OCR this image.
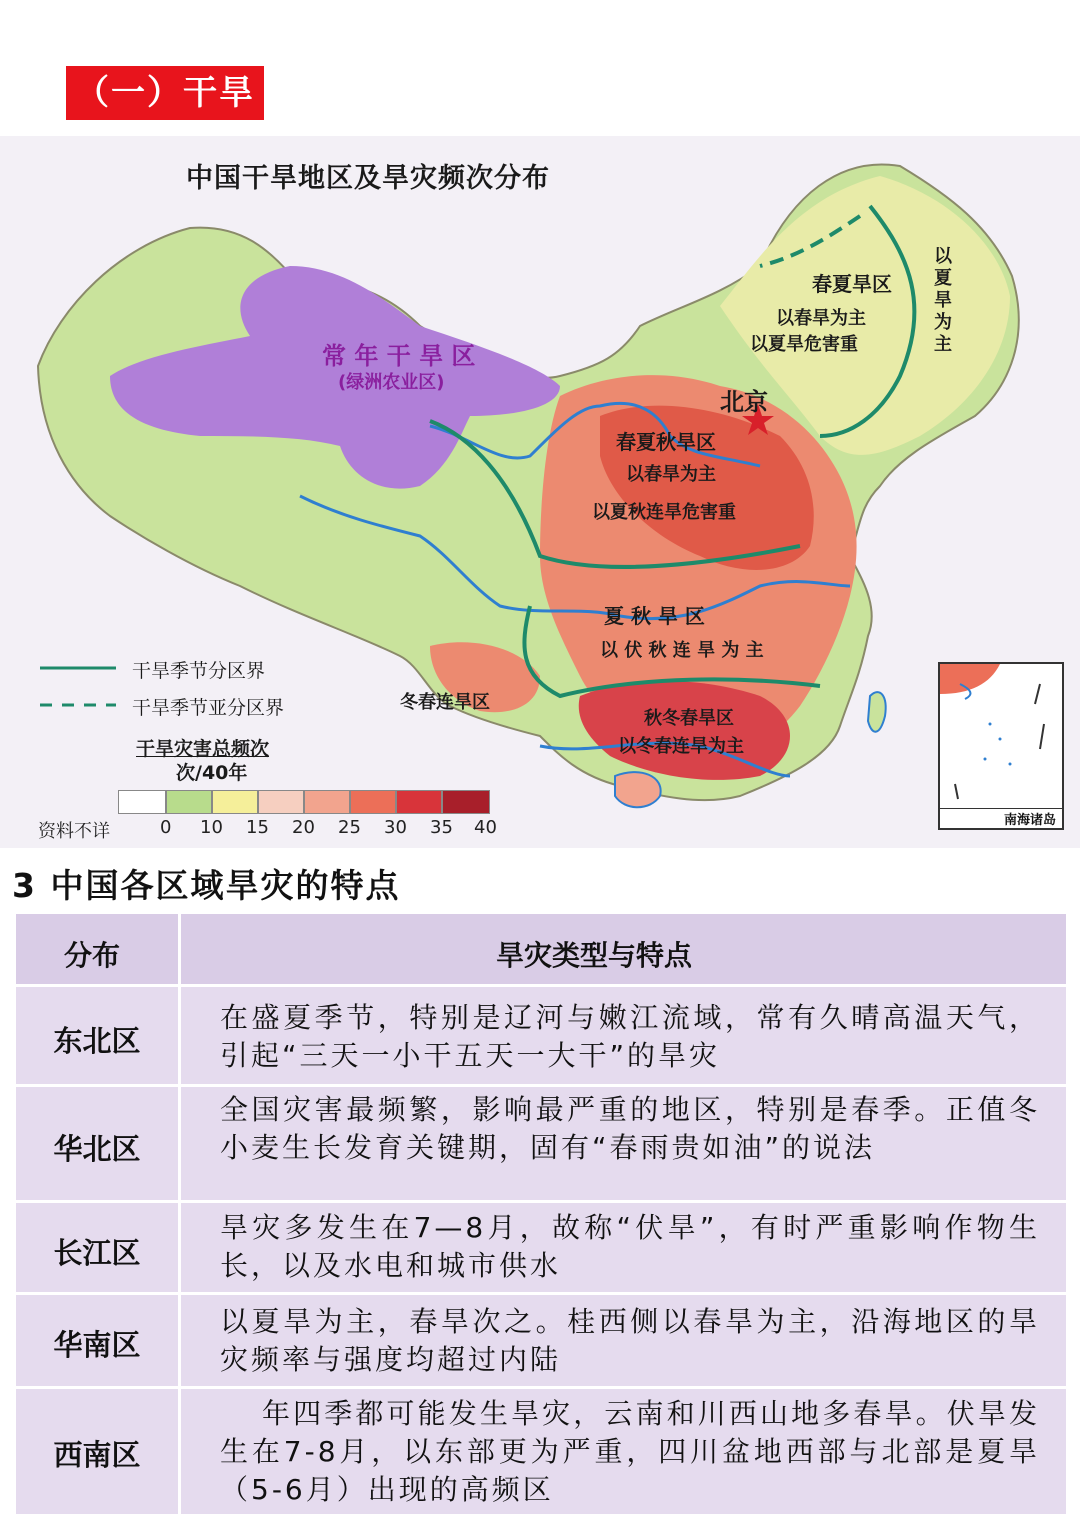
（一）干旱
中国干旱地区及旱灾频次分布
常 年 干 旱 区
(绿洲农业区)
春夏旱区
以春旱为主
以夏旱危害重
以夏旱为主
北京
春夏秋旱区
以春旱为主
以夏秋连旱危害重
夏 秋 旱 区
以 伏 秋 连 旱 为 主
冬春连旱区
秋冬春旱区
以冬春连旱为主
干旱季节分区界
干旱季节亚分区界
干旱灾害总频次
次/40年
资料不详	0 10 15 20 25 30 35 40	南海诸岛
3 中国各区域旱灾的特点
分布	旱灾类型与特点
东北区
在盛夏季节，特别是辽河与嫩江流域，常有久晴高温天气，引起“三天一小干五天一大干”的旱灾
华北区
全国灾害最频繁，影响最严重的地区，特别是春季。正值冬小麦生长发育关键期，固有“春雨贵如油”的说法
长江区
旱灾多发生在7—8月，故称“伏旱”，有时严重影响作物生长，以及水电和城市供水
华南区
以夏旱为主，春旱次之。桂西侧以春旱为主，沿海地区的旱灾频率与强度均超过内陆
西南区
年四季都可能发生旱灾，云南和川西山地多春旱。伏旱发生在7-8月，以东部更为严重，四川盆地西部与北部是夏旱（5-6月）出现的高频区
